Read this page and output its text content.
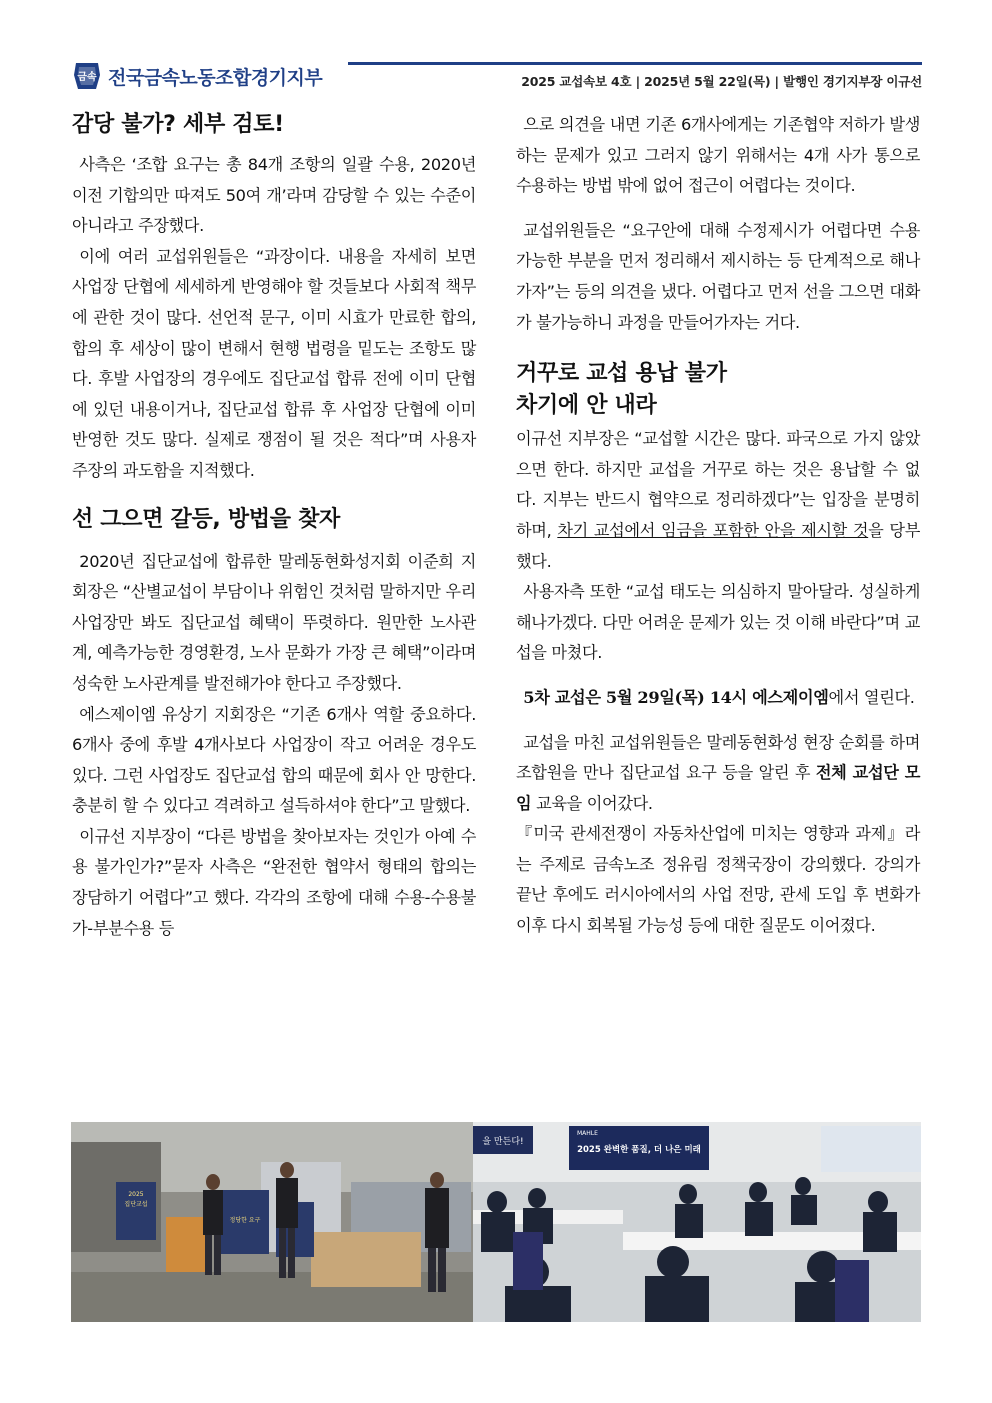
금속 전국금속노동조합경기지부	2025 교섭속보 4호 | 2025년 5월 22일(목) | 발행인 경기지부장 이규선
감당 불가? 세부 검토!

사측은 ‘조합 요구는 총 84개 조항의 일괄 수용, 2020년 이전 기합의만 따져도 50여 개’라며 감당할 수 있는 수준이 아니라고 주장했다.

이에 여러 교섭위원들은 “과장이다. 내용을 자세히 보면 사업장 단협에 세세하게 반영해야 할 것들보다 사회적 책무에 관한 것이 많다. 선언적 문구, 이미 시효가 만료한 합의, 합의 후 세상이 많이 변해서 현행 법령을 밑도는 조항도 많다. 후발 사업장의 경우에도 집단교섭 합류 전에 이미 단협에 있던 내용이거나, 집단교섭 합류 후 사업장 단협에 이미 반영한 것도 많다. 실제로 쟁점이 될 것은 적다”며 사용자 주장의 과도함을 지적했다.

선 그으면 갈등, 방법을 찾자

2020년 집단교섭에 합류한 말레동현화성지회 이준희 지회장은 “산별교섭이 부담이나 위험인 것처럼 말하지만 우리 사업장만 봐도 집단교섭 혜택이 뚜렷하다. 원만한 노사관계, 예측가능한 경영환경, 노사 문화가 가장 큰 혜택”이라며 성숙한 노사관계를 발전해가야 한다고 주장했다.

에스제이엠 유상기 지회장은 “기존 6개사 역할 중요하다. 6개사 중에 후발 4개사보다 사업장이 작고 어려운 경우도 있다. 그런 사업장도 집단교섭 합의 때문에 회사 안 망한다. 충분히 할 수 있다고 격려하고 설득하셔야 한다”고 말했다.

이규선 지부장이 “다른 방법을 찾아보자는 것인가 아예 수용 불가인가?”묻자 사측은 “완전한 협약서 형태의 합의는 장담하기 어렵다”고 했다. 각각의 조항에 대해 수용-수용불가-부분수용 등

으로 의견을 내면 기존 6개사에게는 기존협약 저하가 발생하는 문제가 있고 그러지 않기 위해서는 4개 사가 통으로 수용하는 방법 밖에 없어 접근이 어렵다는 것이다.

교섭위원들은 “요구안에 대해 수정제시가 어렵다면 수용 가능한 부분을 먼저 정리해서 제시하는 등 단계적으로 해나가자”는 등의 의견을 냈다. 어렵다고 먼저 선을 그으면 대화가 불가능하니 과정을 만들어가자는 거다.

거꾸로 교섭 용납 불가
차기에 안 내라

이규선 지부장은 “교섭할 시간은 많다. 파국으로 가지 않았으면 한다. 하지만 교섭을 거꾸로 하는 것은 용납할 수 없다. 지부는 반드시 협약으로 정리하겠다”는 입장을 분명히 하며, 차기 교섭에서 임금을 포함한 안을 제시할 것을 당부했다.

사용자측 또한 “교섭 태도는 의심하지 말아달라. 성실하게 해나가겠다. 다만 어려운 문제가 있는 것 이해 바란다”며 교섭을 마쳤다.

5차 교섭은 5월 29일(목) 14시 에스제이엠에서 열린다.

교섭을 마친 교섭위원들은 말레동현화성 현장 순회를 하며 조합원을 만나 집단교섭 요구 등을 알린 후 전체 교섭단 모임 교육을 이어갔다.

『미국 관세전쟁이 자동차산업에 미치는 영향과 과제』라는 주제로 금속노조 정유림 정책국장이 강의했다. 강의가 끝난 후에도 러시아에서의 사업 전망, 관세 도입 후 변화가 이후 다시 회복될 가능성 등에 대한 질문도 이어졌다.

2025
집단교섭
정당한 요구
을 만든다!
MAHLE
2025 완벽한 품질, 더 나은 미래
